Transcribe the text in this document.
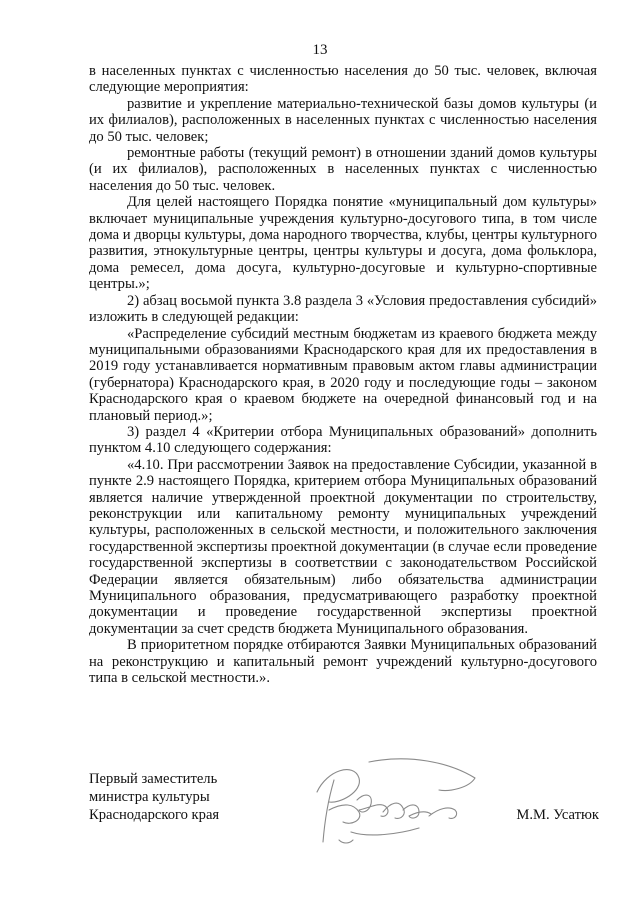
13

в населенных пунктах с численностью населения до 50 тыс. человек, включая следующие мероприятия:

развитие и укрепление материально-технической базы домов культуры (и их филиалов), расположенных в населенных пунктах с численностью населения до 50 тыс. человек;

ремонтные работы (текущий ремонт) в отношении зданий домов культуры (и их филиалов), расположенных в населенных пунктах с численностью населения до 50 тыс. человек.

Для целей настоящего Порядка понятие «муниципальный дом культуры» включает муниципальные учреждения культурно-досугового типа, в том числе дома и дворцы культуры, дома народного творчества, клубы, центры культурного развития, этнокультурные центры, центры культуры и досуга, дома фольклора, дома ремесел, дома досуга, культурно-досуговые и культурно-спортивные центры.»;

2) абзац восьмой пункта 3.8 раздела 3 «Условия предоставления субсидий» изложить в следующей редакции:

«Распределение субсидий местным бюджетам из краевого бюджета между муниципальными образованиями Краснодарского края для их предоставления в 2019 году устанавливается нормативным правовым актом главы администрации (губернатора) Краснодарского края, в 2020 году и последующие годы – законом Краснодарского края о краевом бюджете на очередной финансовый год и на плановый период.»;

3) раздел 4 «Критерии отбора Муниципальных образований» дополнить пунктом 4.10 следующего содержания:

«4.10. При рассмотрении Заявок на предоставление Субсидии, указанной в пункте 2.9 настоящего Порядка, критерием отбора Муниципальных образований является наличие утвержденной проектной документации по строительству, реконструкции или капитальному ремонту муниципальных учреждений культуры, расположенных в сельской местности, и положительного заключения государственной экспертизы проектной документации (в случае если проведение государственной экспертизы в соответствии с законодательством Российской Федерации является обязательным) либо обязательства администрации Муниципального образования, предусматривающего разработку проектной документации и проведение государственной экспертизы проектной документации за счет средств бюджета Муниципального образования.

В приоритетном порядке отбираются Заявки Муниципальных образований на реконструкцию и капитальный ремонт учреждений культурно-досугового типа в сельской местности.».

Первый заместитель
министра культуры
Краснодарского края	М.М. Усатюк
